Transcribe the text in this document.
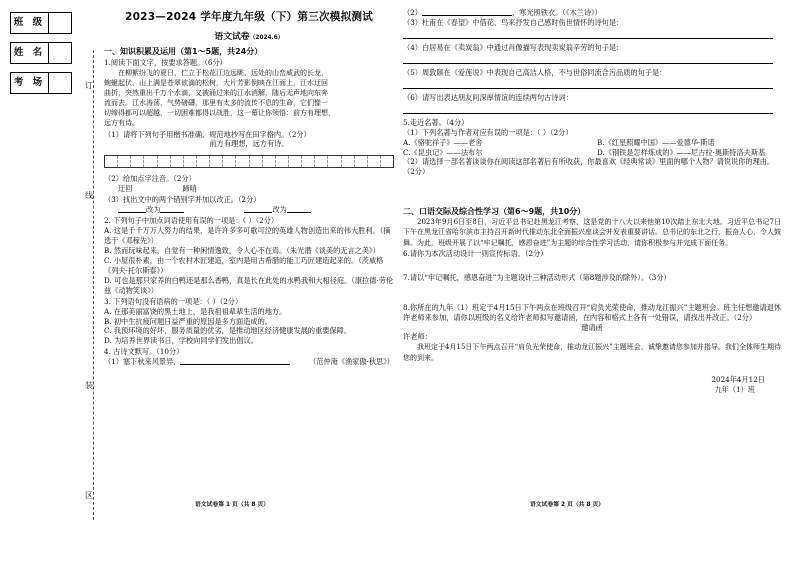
班 级
姓 名
考 场	订
线
装
区
2023—2024 学年度九年级（下）第三次模拟测试
语文试卷（2024.6）
一、知识积累及运用（第1～5题，共24分）
1.阅读下面文字，按要求答题。（6分）
在柳絮纷飞的夏日，伫立于松花江边远眺，远处的山峦威武的长龙，
蜿蜒起伏，山上满是苍翠欲滴的松树，大片芳影倒映在江面上，江水迂回
曲折，突然重出千万个水滴，又被涌过来的江水消解，随后无声地向东奔
流而去。江水涛荡，气势磅礴，那里有太多的流传不息的生命，它们像一
切缔得都可以超越，一切困难都得以战胜，这一幕让你领悟：前方有理想，
远方有诗。
（1）请将下列句子用楷书准确、规范地抄写在田字格内。（2分）
前方有理想，远方有诗。
（2）给加点字注音。（2分）
迂回	蹄哨
（3）找出文中的两个错别字并加以改正。（2分）
改为	改为
2. 下列句子中加点词语使用有误的一项是：（ ）（2分）
A. 这是千千万万人努力的结果，是许许多多可歌可泣的英雄人物创造出来的伟大胜利。（摘选于《邓稼先》）
B. 然而玩味起来，自觉有一种闲情逸致，令人心不在焉。（朱光潜《谈美的无言之美》）
C. 小屋很朴素，由一个农村木匠建造，室内是用古希腊的能工巧匠建造起来的。（茨威格《列夫·托尔斯泰》）
D. 可也是那只家养的白鸭还是那么香鸭，真是长在此处的水鸭我和大相径庭。（康拉德·劳伦兹《动物笑谈》）
3. 下列语句没有语病的一项是：（ ）（2分）
A. 在那美丽富饶的黑土地上，是我祖祖辈辈生活的地方。
B. 初中生抗疲问题日益严重的原因是多方面造成的。
C. 我预环境的好坏，服务质量的优劣，是推动地区经济健康发展的重要保障。
D. 为培养世界读书日，学校向同学们发出倡议。
4. 古诗文默写。（10分）
（1）塞下秋来风景异，	（范仲淹《渔家傲·秋思》）
语文试卷第 1 页（共 8 页）
（2）	，寒光照铁衣。（《木兰诗》）
（3）杜甫在《春望》中借花、鸟来抒发自己感时伤世情怀的诗句是：
（4）白居易在《卖炭翁》中通过肖像描写表现卖炭翁辛劳的句子是：
（5）周敦颐在《爱莲说》中表现自己高洁人格，不与世俗同流合污品质的句子是：
（6）请写出表达朋友间深厚情谊的连续两句古诗词：
5.走近名著。（4分）
（1）下列名著与作者对应有误的一项是：（ ）（2分）
A.《骆驼祥子》——老舍	B.《红星照耀中国》——爱德华·斯诺
C.《昆虫记》——法布尔	D.《钢铁是怎样炼成的》——尼古拉·奥斯特洛夫斯基
（2）请选择一部名著谈谈你在阅读这部名著后有所收获，你最喜欢《经典常谈》里面的哪个人物？请说说你的理由。（2分）
二、口语交际及综合性学习（第6～9题，共10分）
2023年9月6日至8日，习近平总书记赴黑龙江考察，这是党的十八大以来他第10次踏上东北大地。习近平总书记7日下午在黑龙江省哈尔滨市主持召开新时代推动东北全面振兴座谈会并发表重要讲话。总书记的东北之行，振奋人心，令人鼓舞。为此，班级开展了以“牢记嘱托，感恩奋进”为主题的综合性学习活动，请你积极参与并完成下面任务。
6.请你为本次活动设计一则宣传标语。（2分）
7.请以“牢记嘱托，感恩奋进”为主题设计三种活动形式（第8题涉及的除外）。（3分）
8.你所在的九年（1）班定于4月15日下午两点在班级召开“肩负光荣使命，推动龙江振兴”主题班会。班主任想邀请退休许老师来参加，请你以班级的名义给许老师拟写邀请函，在内容和格式上各有一处错误，请找出并改正。（2分）
邀请函
许老师：
我班定于4月15日下午两点召开“肩负光荣使命，推动龙江振兴”主题班会，诚挚邀请您参加并指导。我们全体师生期待您的到来。
2024年4月12日
九年（1）班
语文试卷第 2 页（共 8 页）
